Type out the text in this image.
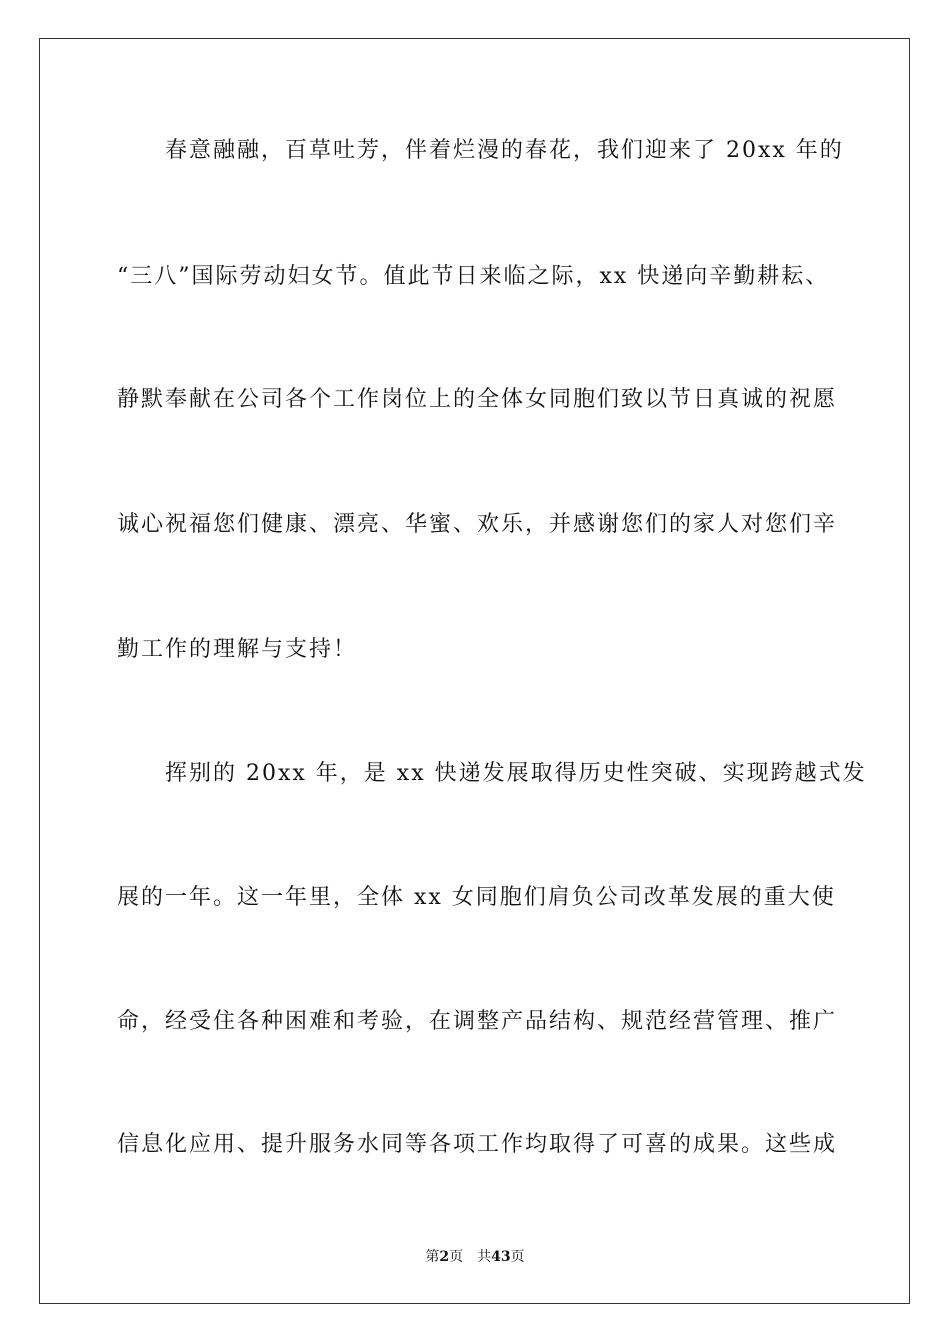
春意融融，百草吐芳，伴着烂漫的春花，我们迎来了 20xx 年的
“三八”国际劳动妇女节。值此节日来临之际，xx 快递向辛勤耕耘、
静默奉献在公司各个工作岗位上的全体女同胞们致以节日真诚的祝愿
诚心祝福您们健康、漂亮、华蜜、欢乐，并感谢您们的家人对您们辛
勤工作的理解与支持！
挥别的 20xx 年，是 xx 快递发展取得历史性突破、实现跨越式发
展的一年。这一年里，全体 xx 女同胞们肩负公司改革发展的重大使
命，经受住各种困难和考验，在调整产品结构、规范经营管理、推广
信息化应用、提升服务水同等各项工作均取得了可喜的成果。这些成
第2页 共43页
